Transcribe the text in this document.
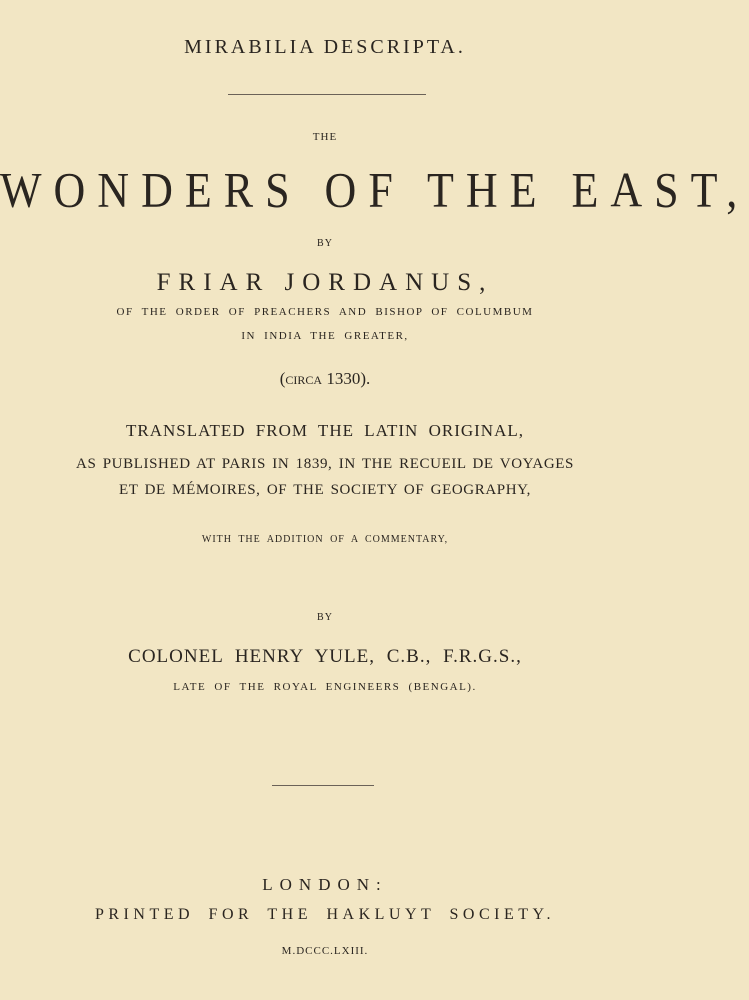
MIRABILIA DESCRIPTA.
THE
WONDERS OF THE EAST,
BY
FRIAR JORDANUS,
OF THE ORDER OF PREACHERS AND BISHOP OF COLUMBUM
IN INDIA THE GREATER,
(circa 1330).
TRANSLATED FROM THE LATIN ORIGINAL,
AS PUBLISHED AT PARIS IN 1839, IN THE RECUEIL DE VOYAGES
ET DE MÉMOIRES, OF THE SOCIETY OF GEOGRAPHY,
WITH THE ADDITION OF A COMMENTARY,
BY
COLONEL HENRY YULE, C.B., F.R.G.S.,
LATE OF THE ROYAL ENGINEERS (BENGAL).
LONDON:
PRINTED FOR THE HAKLUYT SOCIETY.
M.DCCC.LXIII.
